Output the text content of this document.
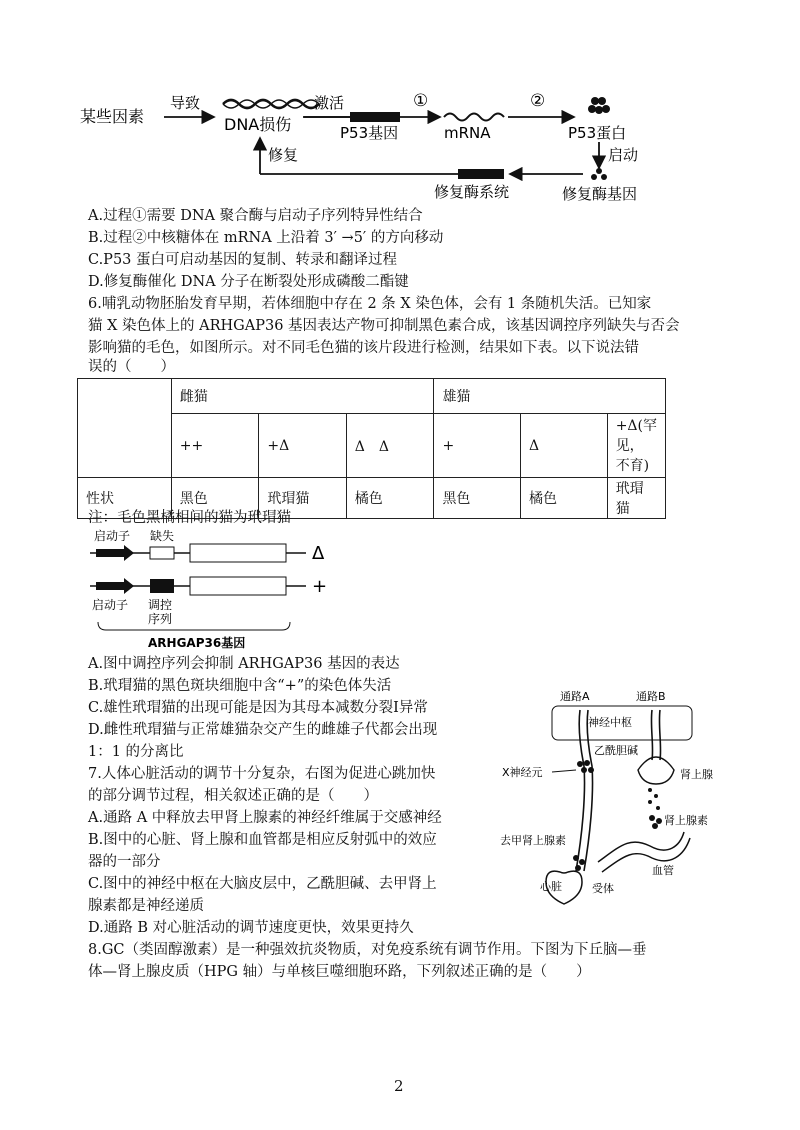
某些因素
导致
DNA损伤
激活
P53基因
①
mRNA
②
P53蛋白
启动
修复酶基因
修复酶系统
修复
A.过程①需要 DNA 聚合酶与启动子序列特异性结合
B.过程②中核糖体在 mRNA 上沿着 3′ →5′ 的方向移动
C.P53 蛋白可启动基因的复制、转录和翻译过程
D.修复酶催化 DNA 分子在断裂处形成磷酸二酯键
6.哺乳动物胚胎发育早期，若体细胞中存在 2 条 X 染色体，会有 1 条随机失活。已知家
猫 X 染色体上的 ARHGAP36 基因表达产物可抑制黑色素合成，该基因调控序列缺失与否会
影响猫的毛色，如图所示。对不同毛色猫的该片段进行检测，结果如下表。以下说法错
误的（　　）
	雌猫			雄猫		
	++	+Δ	Δ　Δ	+	Δ	+Δ(罕见，
不育)
性状	黑色	玳瑁猫	橘色	黑色	橘色	玳瑁猫
注：毛色黑橘相间的猫为玳瑁猫
启动子 缺失
Δ
+
启动子 调控
序列
ARHGAP36基因
A.图中调控序列会抑制 ARHGAP36 基因的表达
B.玳瑁猫的黑色斑块细胞中含“+”的染色体失活
C.雄性玳瑁猫的出现可能是因为其母本减数分裂Ⅰ异常
D.雌性玳瑁猫与正常雄猫杂交产生的雌雄子代都会出现
1：1 的分离比
7.人体心脏活动的调节十分复杂，右图为促进心跳加快
的部分调节过程，相关叙述正确的是（　　）
A.通路 A 中释放去甲肾上腺素的神经纤维属于交感神经
B.图中的心脏、肾上腺和血管都是相应反射弧中的效应
器的一部分
C.图中的神经中枢在大脑皮层中，乙酰胆碱、去甲肾上
腺素都是神经递质
D.通路 B 对心脏活动的调节速度更快，效果更持久
通路A	通路B
神经中枢
乙酰胆碱
X神经元	肾上腺
肾上腺素
去甲肾上腺素
心脏	受体
血管
8.GC（类固醇激素）是一种强效抗炎物质，对免疫系统有调节作用。下图为下丘脑—垂
体—肾上腺皮质（HPG 轴）与单核巨噬细胞环路，下列叙述正确的是（　　）
2
